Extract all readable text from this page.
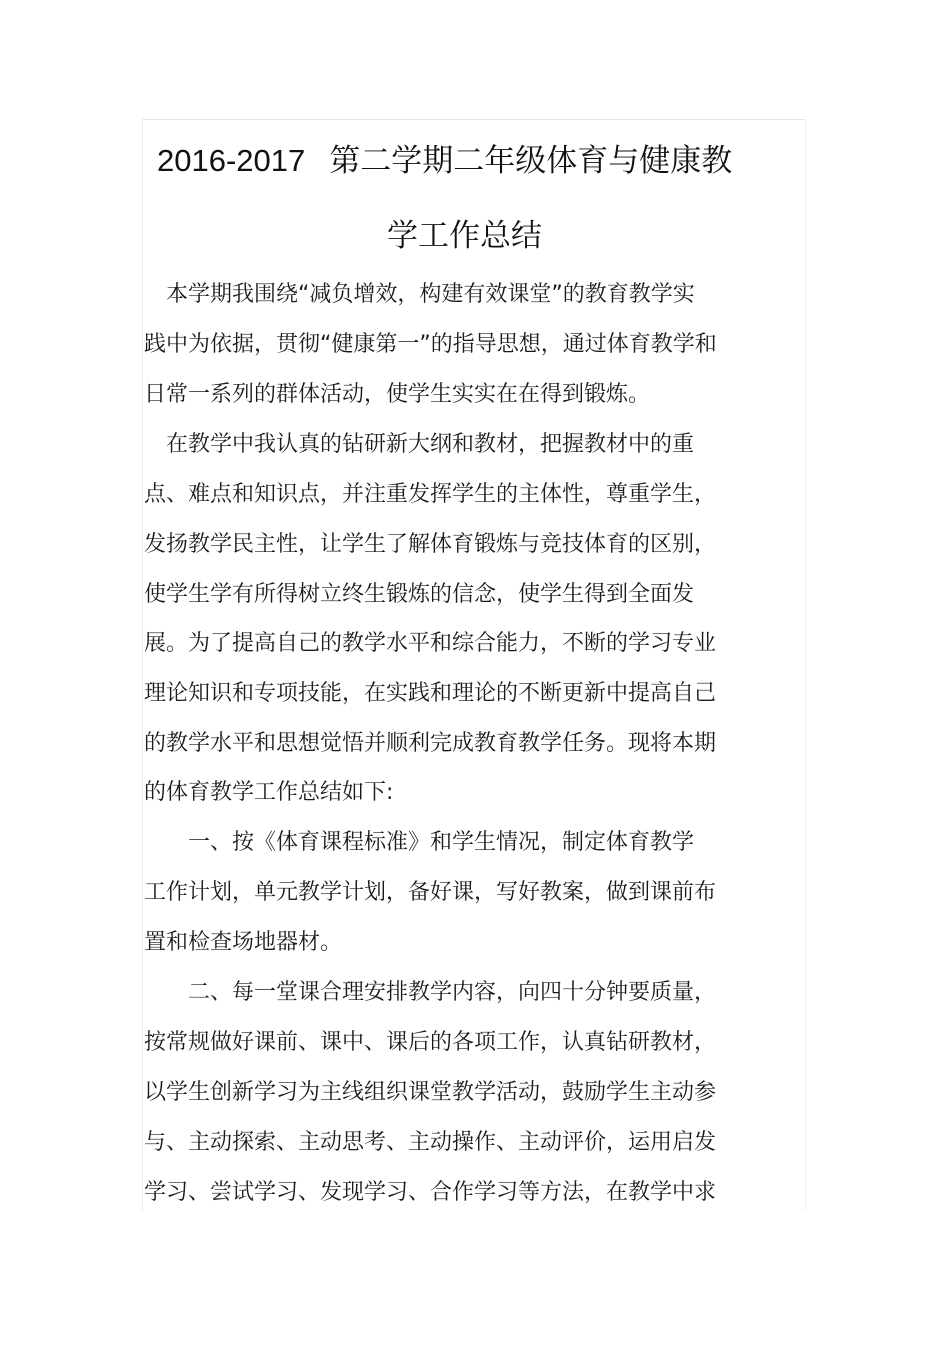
2016-2017 第二学期二年级体育与健康教
学工作总结
　本学期我围绕“减负增效，构建有效课堂”的教育教学实
践中为依据，贯彻“健康第一”的指导思想，通过体育教学和
日常一系列的群体活动，使学生实实在在得到锻炼。
　在教学中我认真的钻研新大纲和教材，把握教材中的重
点、难点和知识点，并注重发挥学生的主体性，尊重学生，
发扬教学民主性，让学生了解体育锻炼与竞技体育的区别，
使学生学有所得树立终生锻炼的信念，使学生得到全面发
展。为了提高自己的教学水平和综合能力，不断的学习专业
理论知识和专项技能，在实践和理论的不断更新中提高自己
的教学水平和思想觉悟并顺利完成教育教学任务。现将本期
的体育教学工作总结如下:
　　一、按《体育课程标准》和学生情况，制定体育教学
工作计划，单元教学计划，备好课，写好教案，做到课前布
置和检查场地器材。
　　二、每一堂课合理安排教学内容，向四十分钟要质量，
按常规做好课前、课中、课后的各项工作，认真钻研教材，
以学生创新学习为主线组织课堂教学活动，鼓励学生主动参
与、主动探索、主动思考、主动操作、主动评价，运用启发
学习、尝试学习、发现学习、合作学习等方法，在教学中求
